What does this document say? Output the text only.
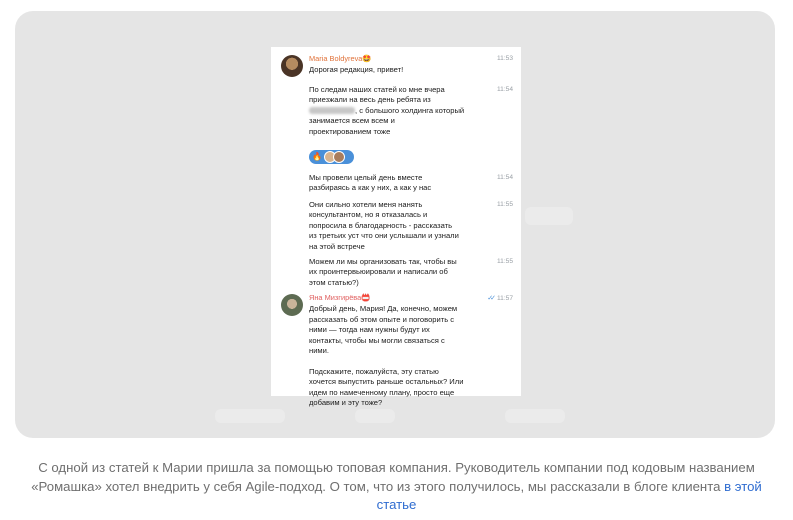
Maria Boldyreva🤩
Дорогая редакция, привет!
11:53
По следам наших статей ко мне вчера
приезжали на весь день ребята из
, с большого холдинга который
занимается всем всем и
проектированием тоже
11:54
🔥
Мы провели целый день вместе
разбираясь а как у них, а как у нас
11:54
Они сильно хотели меня нанять
консультантом, но я отказалась и
попросила в благодарность - рассказать
из третьих уст что они услышали и узнали
на этой встрече
11:55
Можем ли мы организовать так, чтобы вы
их проинтервьюировали и написали об
этом статью?)
11:55
Яна Мизгирёва📛
Добрый день, Мария! Да, конечно, можем
рассказать об этом опыте и поговорить с
ними — тогда нам нужны будут их
контакты, чтобы мы могли связаться с
ними.

Подскажите, пожалуйста, эту статью
хочется выпустить раньше остальных? Или
идем по намеченному плану, просто еще
добавим и эту тоже?
✓✓ 11:57
С одной из статей к Марии пришла за помощью топовая компания. Руководитель компании под кодовым названием «Ромашка» хотел внедрить у себя Agile-подход. О том, что из этого получилось, мы рассказали в блоге клиента в этой статье
